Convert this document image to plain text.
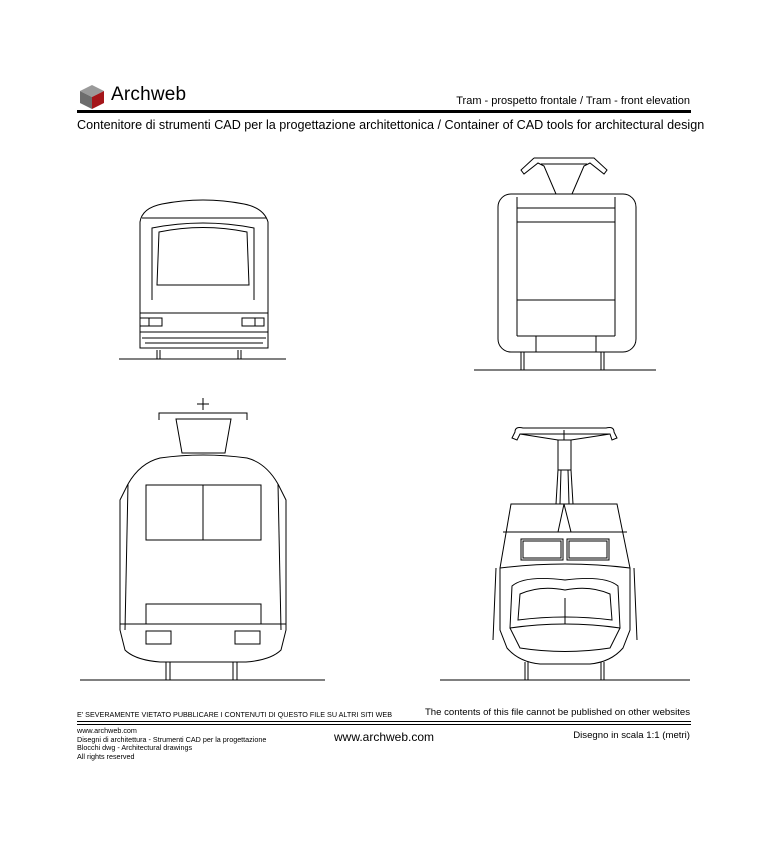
Archweb	Tram - prospetto frontale / Tram - front elevation
Contenitore di strumenti CAD per la progettazione architettonica / Container of CAD tools for architectural design
E' SEVERAMENTE VIETATO PUBBLICARE I CONTENUTI DI QUESTO FILE SU ALTRI SITI WEB	The contents of this file cannot be published on other websites
www.archweb.com
Disegni di architettura - Strumenti CAD per la progettazione
Blocchi dwg - Architectural drawings
All rights reserved
www.archweb.com	Disegno in scala 1:1 (metri)
